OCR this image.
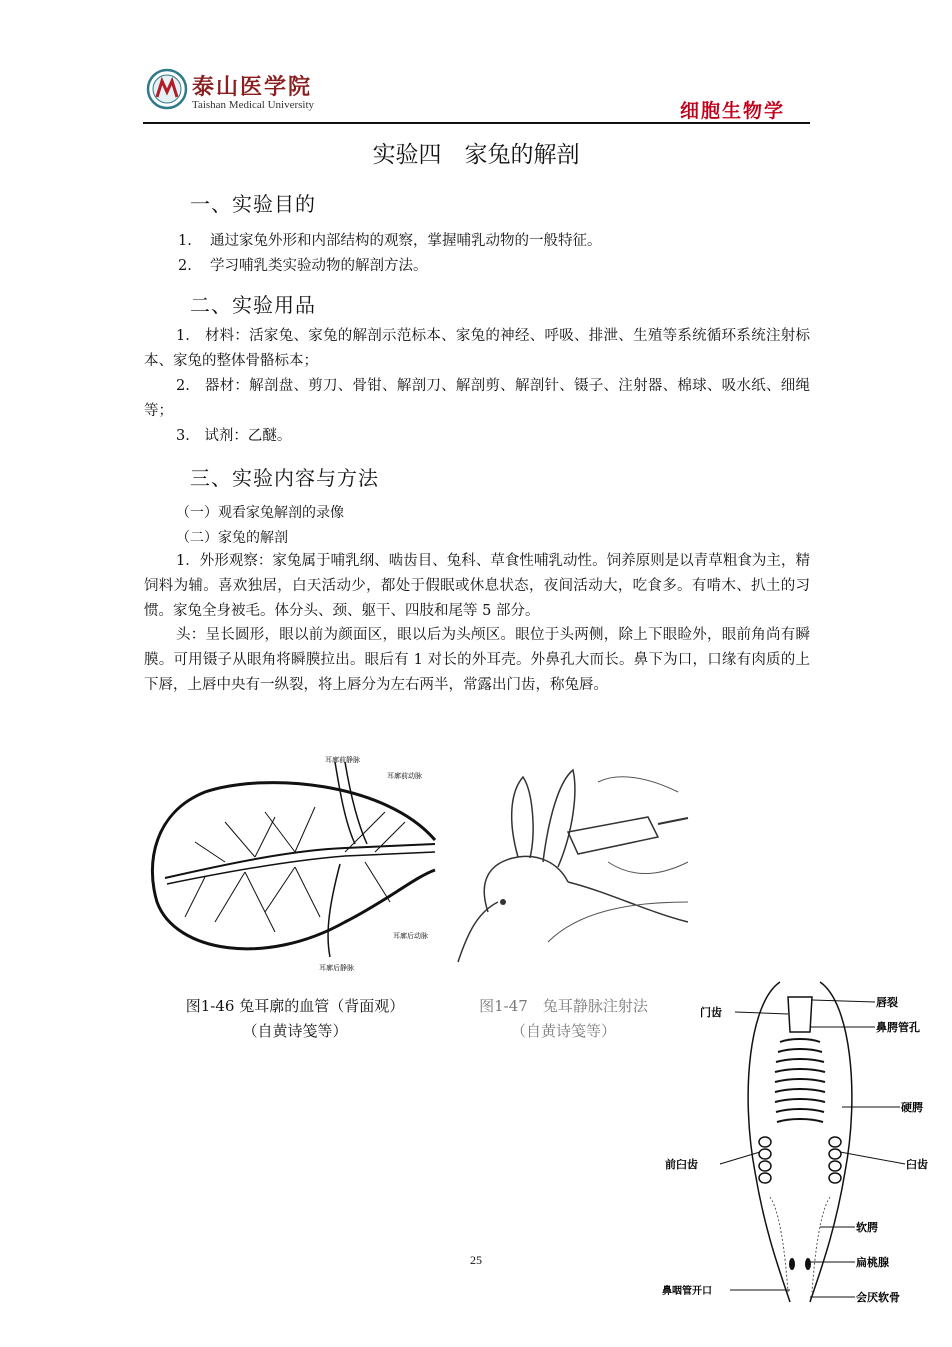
泰山医学院
Taishan Medical University	细胞生物学
实验四　家兔的解剖
一、实验目的
1. 通过家兔外形和内部结构的观察，掌握哺乳动物的一般特征。
2. 学习哺乳类实验动物的解剖方法。
二、实验用品

1.　材料：活家兔、家兔的解剖示范标本、家兔的神经、呼吸、排泄、生殖等系统循环系统注射标本、家兔的整体骨骼标本；

2.　器材：解剖盘、剪刀、骨钳、解剖刀、解剖剪、解剖针、镊子、注射器、棉球、吸水纸、细绳等；

3.　试剂：乙醚。

三、实验内容与方法
（一）观看家兔解剖的录像
（二）家兔的解剖

1．外形观察：家兔属于哺乳纲、啮齿目、兔科、草食性哺乳动性。饲养原则是以青草粗食为主，精饲料为辅。喜欢独居，白天活动少，都处于假眠或休息状态，夜间活动大，吃食多。有啃木、扒土的习惯。家兔全身被毛。体分头、颈、躯干、四肢和尾等 5 部分。

头：呈长圆形，眼以前为颜面区，眼以后为头颅区。眼位于头两侧，除上下眼睑外，眼前角尚有瞬膜。可用镊子从眼角将瞬膜拉出。眼后有 1 对长的外耳壳。外鼻孔大而长。鼻下为口，口缘有肉质的上下唇，上唇中央有一纵裂，将上唇分为左右两半，常露出门齿，称兔唇。

耳廓前静脉
耳廓前动脉
耳廓后动脉
耳廓后静脉
图1-46 兔耳廓的血管（背面观）
（自黄诗笺等）
图1-47　兔耳静脉注射法
（自黄诗笺等）
门齿
唇裂
鼻腭管孔
硬腭
前臼齿	臼齿
软腭
扁桃腺
鼻咽管开口	会厌软骨
25
